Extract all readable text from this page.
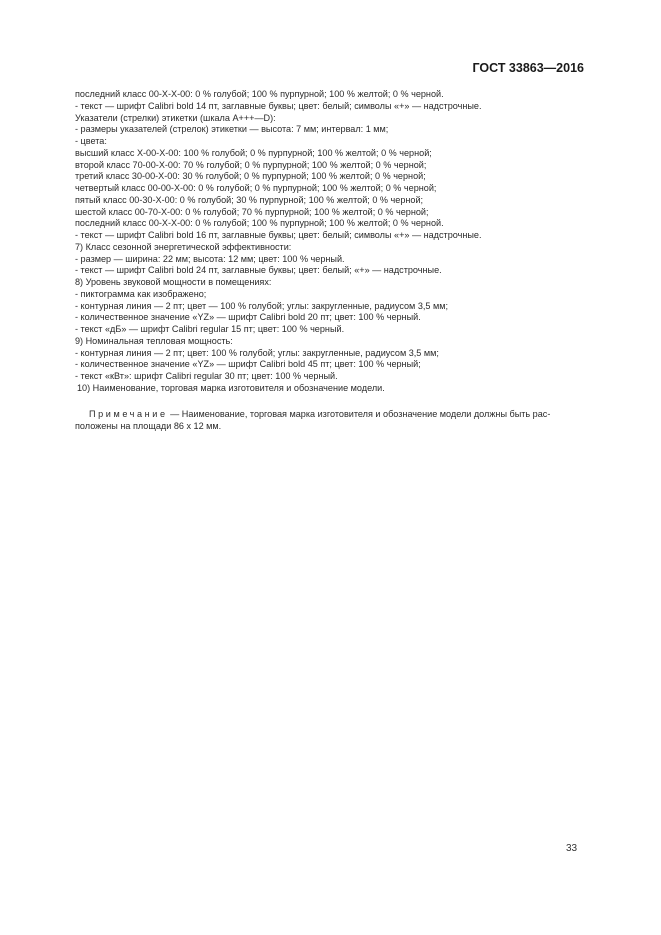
ГОСТ 33863—2016
последний класс 00-Х-Х-00: 0 % голубой; 100 % пурпурной; 100 % желтой; 0 % черной.
- текст — шрифт Calibri bold 14 пт, заглавные буквы; цвет: белый; символы «+» — надстрочные.
Указатели (стрелки) этикетки (шкала А+++—D):
- размеры указателей (стрелок) этикетки — высота: 7 мм; интервал: 1 мм;
- цвета:
высший класс Х-00-Х-00: 100 % голубой; 0 % пурпурной; 100 % желтой; 0 % черной;
второй класс 70-00-Х-00: 70 % голубой; 0 % пурпурной; 100 % желтой; 0 % черной;
третий класс 30-00-Х-00: 30 % голубой; 0 % пурпурной; 100 % желтой; 0 % черной;
четвертый класс 00-00-Х-00: 0 % голубой; 0 % пурпурной; 100 % желтой; 0 % черной;
пятый класс 00-30-Х-00: 0 % голубой; 30 % пурпурной; 100 % желтой; 0 % черной;
шестой класс 00-70-Х-00: 0 % голубой; 70 % пурпурной; 100 % желтой; 0 % черной;
последний класс 00-Х-Х-00: 0 % голубой; 100 % пурпурной; 100 % желтой; 0 % черной.
- текст — шрифт Calibri bold 16 пт, заглавные буквы; цвет: белый; символы «+» — надстрочные.
7) Класс сезонной энергетической эффективности:
- размер — ширина: 22 мм; высота: 12 мм; цвет: 100 % черный.
- текст — шрифт Calibri bold 24 пт, заглавные буквы; цвет: белый; «+» — надстрочные.
8) Уровень звуковой мощности в помещениях:
- пиктограмма как изображено;
- контурная линия — 2 пт; цвет — 100 % голубой; углы: закругленные, радиусом 3,5 мм;
- количественное значение «YZ» — шрифт Calibri bold 20 пт; цвет: 100 % черный.
- текст «дБ» — шрифт Calibri regular 15 пт; цвет: 100 % черный.
9) Номинальная тепловая мощность:
- контурная линия — 2 пт; цвет: 100 % голубой; углы: закругленные, радиусом 3,5 мм;
- количественное значение «YZ» — шрифт Calibri bold 45 пт; цвет: 100 % черный;
- текст «кВт»: шрифт Calibri regular 30 пт; цвет: 100 % черный.
10) Наименование, торговая марка изготовителя и обозначение модели.
Примечание — Наименование, торговая марка изготовителя и обозначение модели должны быть рас-
положены на площади 86 х 12 мм.
33
